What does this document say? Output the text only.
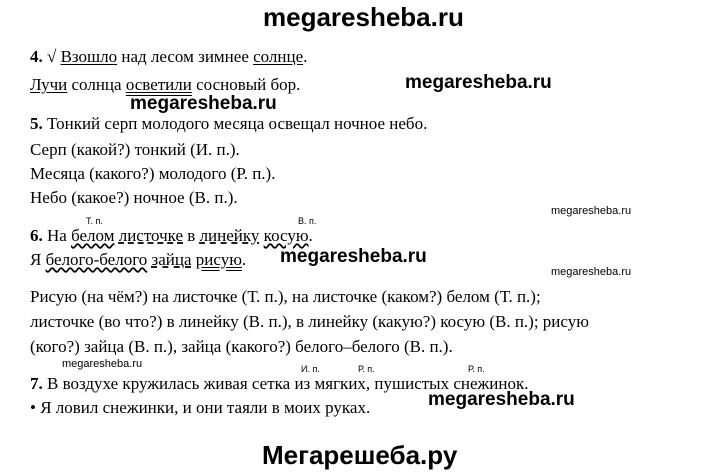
megaresheba.ru
4. √ Взошло над лесом зимнее солнце.
Лучи солнца осветили сосновый бор.	megaresheba.ru
megaresheba.ru
5. Тонкий серп молодого месяца освещал ночное небо.
Серп (какой?) тонкий (И. п.).
Месяца (какого?) молодого (Р. п.).
Небо (какое?) ночное (В. п.).
megaresheba.ru
Т. п.	В. п.
6. На белом листочке в линейку косую.
Я белого-белого зайца рисую. megaresheba.ru
megaresheba.ru
Рисую (на чём?) на листочке (Т. п.), на листочке (каком?) белом (Т. п.);
листочке (во что?) в линейку (В. п.), в линейку (какую?) косую (В. п.); рисую
(кого?) зайца (В. п.), зайца (какого?) белого–белого (В. п.).
megaresheba.ru	И. п.	Р. п.	Р. п.
7. В воздухе кружилась живая сетка из мягких, пушистых снежинок.
• Я ловил снежинки, и они таяли в моих руках.	megaresheba.ru
Мегарешеба.ру
